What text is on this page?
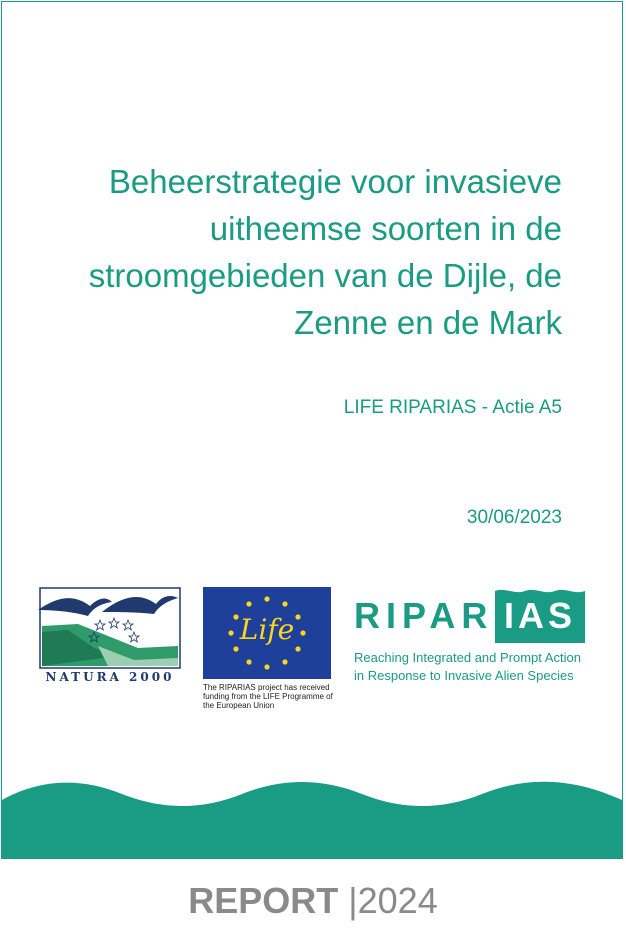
Beheerstrategie voor invasieve
uitheemse soorten in de
stroomgebieden van de Dijle, de
Zenne en de Mark

LIFE RIPARIAS - Actie A5

30/06/2023

NATURA 2000
Life
The RIPARIAS project has received funding from the LIFE Programme of the European Union
RIPAR IAS
Reaching Integrated and Prompt Action
in Response to Invasive Alien Species
REPORT |2024
